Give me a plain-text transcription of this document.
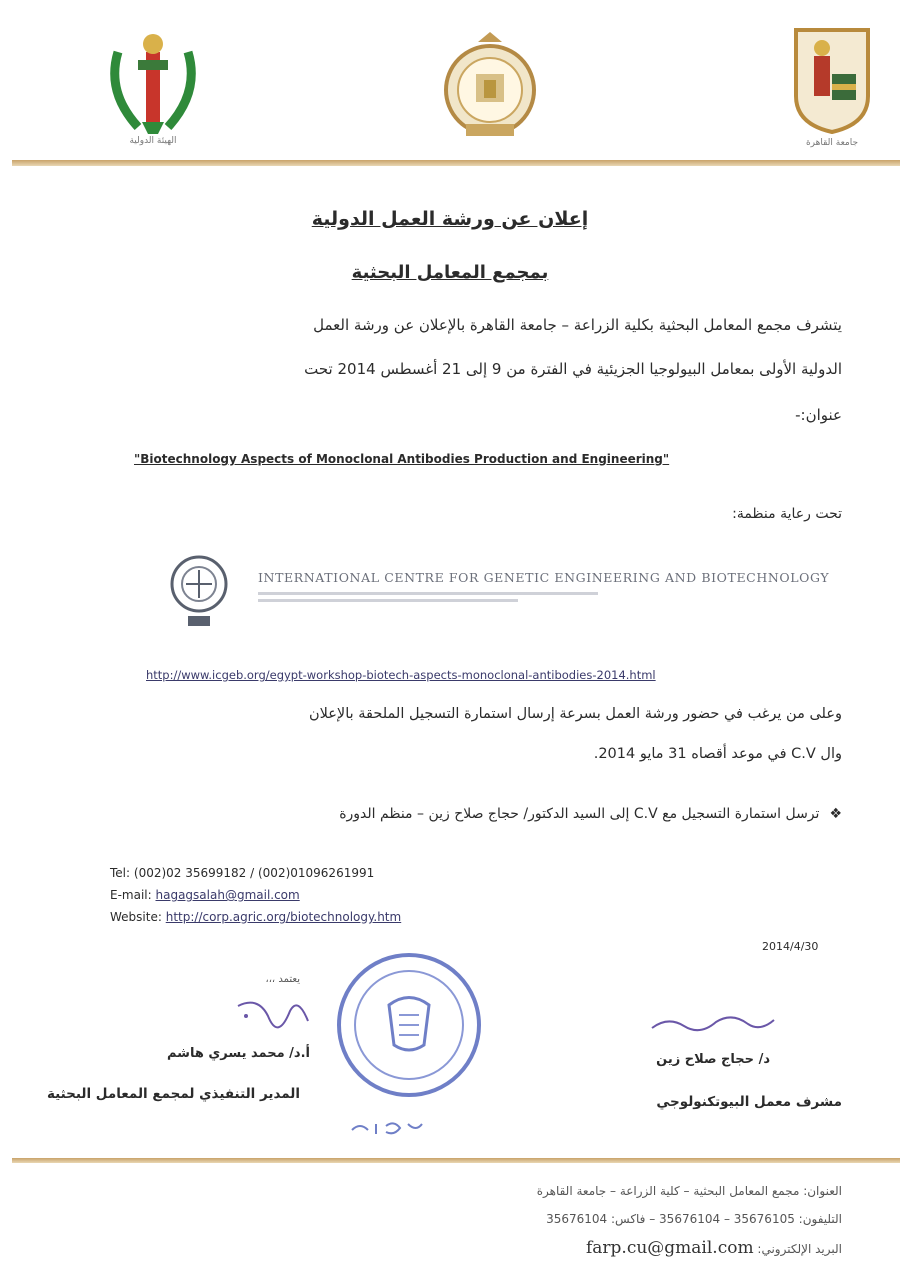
الهيئة الدولية	جامعة القاهرة
إعلان عن ورشة العمل الدولية
بمجمع المعامل البحثية
يتشرف مجمع المعامل البحثية بكلية الزراعة – جامعة القاهرة بالإعلان عن ورشة العمل
الدولية الأولى بمعامل البيولوجيا الجزيئية في الفترة من 9 إلى 21 أغسطس 2014 تحت
عنوان:-
"Biotechnology Aspects of Monoclonal Antibodies Production and Engineering"
تحت رعاية منظمة:
INTERNATIONAL CENTRE FOR GENETIC ENGINEERING AND BIOTECHNOLOGY
http://www.icgeb.org/egypt-workshop-biotech-aspects-monoclonal-antibodies-2014.html
وعلى من يرغب في حضور ورشة العمل بسرعة إرسال استمارة التسجيل الملحقة بالإعلان
وال C.V في موعد أقصاه 31 مايو 2014.
❖ترسل استمارة التسجيل مع C.V إلى السيد الدكتور/ حجاج صلاح زين – منظم الدورة
Tel: (002)02 35699182 / (002)01096261991
E-mail: hagagsalah@gmail.com
Website: http://corp.agric.org/biotechnology.htm
2014/4/30
يعتمد ،،،
أ.د/ محمد يسري هاشم
المدير التنفيذي لمجمع المعامل البحثية
د/ حجاج صلاح زين
مشرف معمل البيوتكنولوجي
العنوان: مجمع المعامل البحثية – كلية الزراعة – جامعة القاهرة
التليفون: 35676105 – 35676104 – فاكس: 35676104
البريد الإلكتروني: farp.cu@gmail.com
